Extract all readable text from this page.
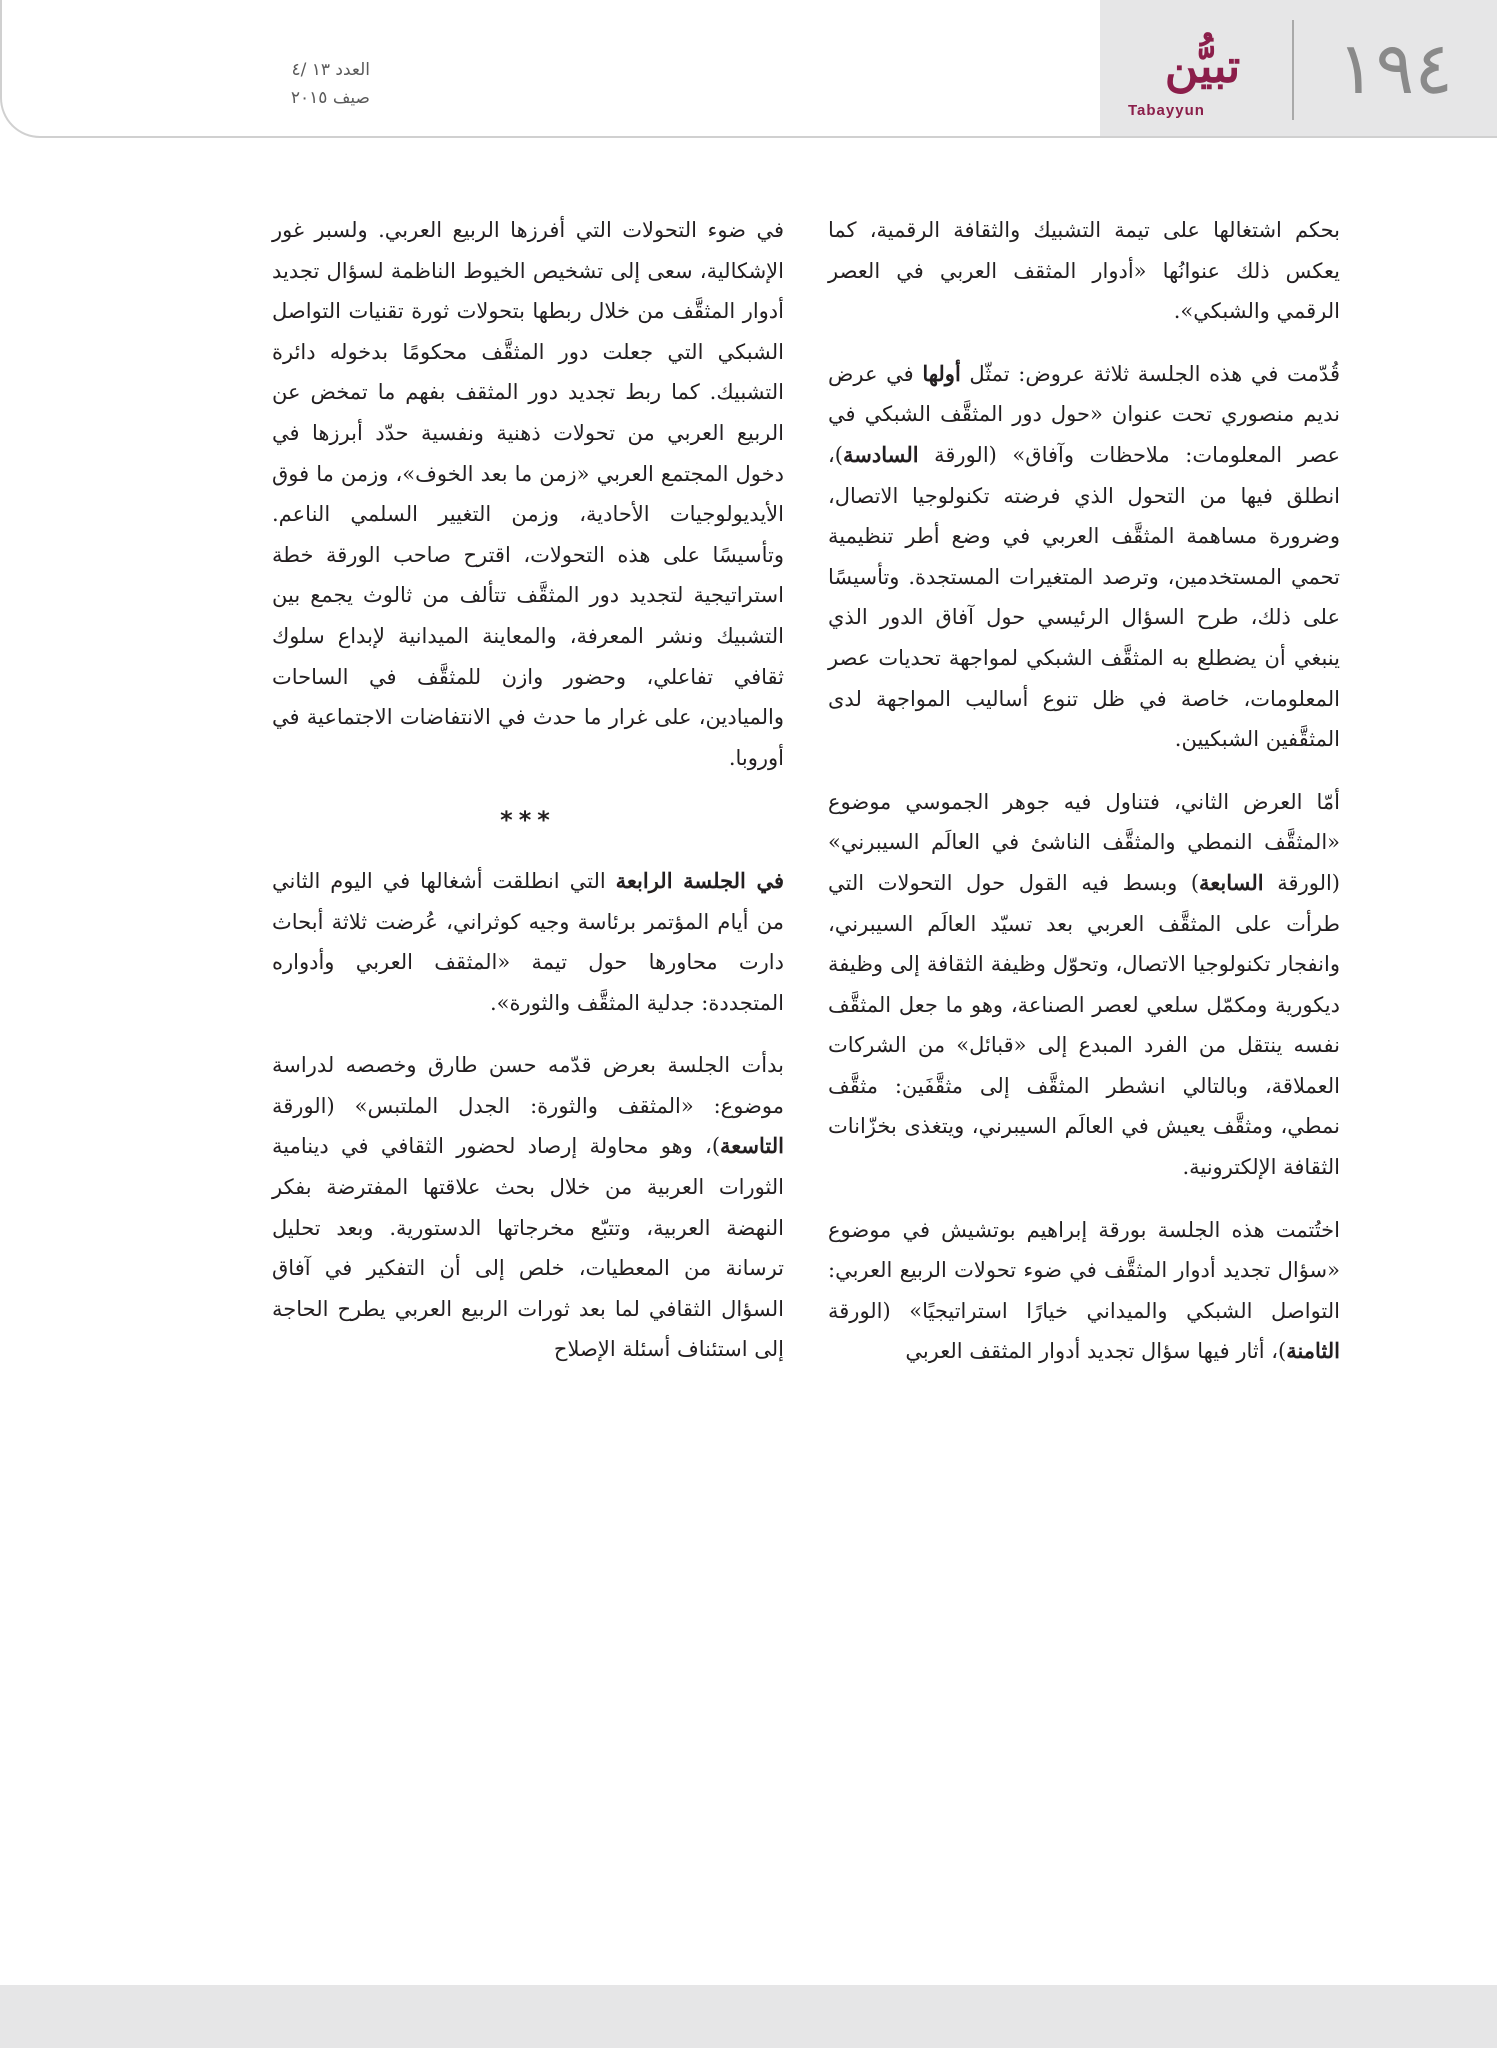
العدد ١٣ /٤
صيف ٢٠١٥
تبيُّن
Tabayyun
١٩٤

بحكم اشتغالها على تيمة التشبيك والثقافة الرقمية، كما يعكس ذلك عنوانُها «أدوار المثقف العربي في العصر الرقمي والشبكي».

قُدّمت في هذه الجلسة ثلاثة عروض: تمثّل أولها في عرض نديم منصوري تحت عنوان «حول دور المثقَّف الشبكي في عصر المعلومات: ملاحظات وآفاق» (الورقة السادسة)، انطلق فيها من التحول الذي فرضته تكنولوجيا الاتصال، وضرورة مساهمة المثقَّف العربي في وضع أطر تنظيمية تحمي المستخدمين، وترصد المتغيرات المستجدة. وتأسيسًا على ذلك، طرح السؤال الرئيسي حول آفاق الدور الذي ينبغي أن يضطلع به المثقَّف الشبكي لمواجهة تحديات عصر المعلومات، خاصة في ظل تنوع أساليب المواجهة لدى المثقَّفين الشبكيين.

أمّا العرض الثاني، فتناول فيه جوهر الجموسي موضوع «المثقَّف النمطي والمثقَّف الناشئ في العالَم السيبرني» (الورقة السابعة) وبسط فيه القول حول التحولات التي طرأت على المثقَّف العربي بعد تسيّد العالَم السيبرني، وانفجار تكنولوجيا الاتصال، وتحوّل وظيفة الثقافة إلى وظيفة ديكورية ومكمّل سلعي لعصر الصناعة، وهو ما جعل المثقَّف نفسه ينتقل من الفرد المبدع إلى «قبائل» من الشركات العملاقة، وبالتالي انشطر المثقَّف إلى مثقَّفَين: مثقَّف نمطي، ومثقَّف يعيش في العالَم السيبرني، ويتغذى بخزّانات الثقافة الإلكترونية.

اختُتمت هذه الجلسة بورقة إبراهيم بوتشيش في موضوع «سؤال تجديد أدوار المثقَّف في ضوء تحولات الربيع العربي: التواصل الشبكي والميداني خيارًا استراتيجيًا» (الورقة الثامنة)، أثار فيها سؤال تجديد أدوار المثقف العربي

في ضوء التحولات التي أفرزها الربيع العربي. ولسبر غور الإشكالية، سعى إلى تشخيص الخيوط الناظمة لسؤال تجديد أدوار المثقَّف من خلال ربطها بتحولات ثورة تقنيات التواصل الشبكي التي جعلت دور المثقَّف محكومًا بدخوله دائرة التشبيك. كما ربط تجديد دور المثقف بفهم ما تمخض عن الربيع العربي من تحولات ذهنية ونفسية حدّد أبرزها في دخول المجتمع العربي «زمن ما بعد الخوف»، وزمن ما فوق الأيديولوجيات الأحادية، وزمن التغيير السلمي الناعم. وتأسيسًا على هذه التحولات، اقترح صاحب الورقة خطة استراتيجية لتجديد دور المثقَّف تتألف من ثالوث يجمع بين التشبيك ونشر المعرفة، والمعاينة الميدانية لإبداع سلوك ثقافي تفاعلي، وحضور وازن للمثقَّف في الساحات والميادين، على غرار ما حدث في الانتفاضات الاجتماعية في أوروبا.

***

في الجلسة الرابعة التي انطلقت أشغالها في اليوم الثاني من أيام المؤتمر برئاسة وجيه كوثراني، عُرضت ثلاثة أبحاث دارت محاورها حول تيمة «المثقف العربي وأدواره المتجددة: جدلية المثقَّف والثورة».

بدأت الجلسة بعرض قدّمه حسن طارق وخصصه لدراسة موضوع: «المثقف والثورة: الجدل الملتبس» (الورقة التاسعة)، وهو محاولة إرصاد لحضور الثقافي في دينامية الثورات العربية من خلال بحث علاقتها المفترضة بفكر النهضة العربية، وتتبّع مخرجاتها الدستورية. وبعد تحليل ترسانة من المعطيات، خلص إلى أن التفكير في آفاق السؤال الثقافي لما بعد ثورات الربيع العربي يطرح الحاجة إلى استئناف أسئلة الإصلاح
